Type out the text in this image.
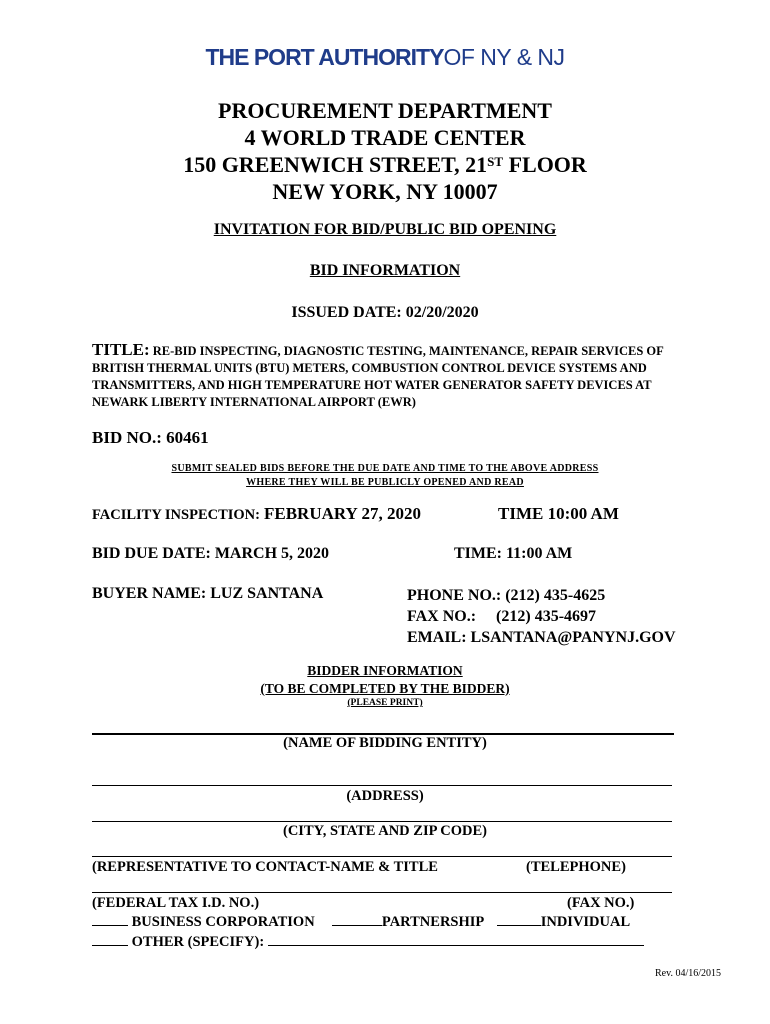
THE PORT AUTHORITYOF NY & NJ
PROCUREMENT DEPARTMENT
4 WORLD TRADE CENTER
150 GREENWICH STREET, 21ST FLOOR
NEW YORK, NY 10007
INVITATION FOR BID/PUBLIC BID OPENING
BID INFORMATION
ISSUED DATE: 02/20/2020
TITLE: RE-BID INSPECTING, DIAGNOSTIC TESTING, MAINTENANCE, REPAIR SERVICES OF
BRITISH THERMAL UNITS (BTU) METERS, COMBUSTION CONTROL DEVICE SYSTEMS AND
TRANSMITTERS, AND HIGH TEMPERATURE HOT WATER GENERATOR SAFETY DEVICES AT
NEWARK LIBERTY INTERNATIONAL AIRPORT (EWR)
BID NO.: 60461
SUBMIT SEALED BIDS BEFORE THE DUE DATE AND TIME TO THE ABOVE ADDRESS
WHERE THEY WILL BE PUBLICLY OPENED AND READ
FACILITY INSPECTION: FEBRUARY 27, 2020	TIME 10:00 AM
BID DUE DATE: MARCH 5, 2020	TIME: 11:00 AM
BUYER NAME: LUZ SANTANA	PHONE NO.: (212) 435-4625
FAX NO.: (212) 435-4697
EMAIL: LSANTANA@PANYNJ.GOV
BIDDER INFORMATION
(TO BE COMPLETED BY THE BIDDER)
(PLEASE PRINT)
(NAME OF BIDDING ENTITY)
(ADDRESS)
(CITY, STATE AND ZIP CODE)
(REPRESENTATIVE TO CONTACT-NAME & TITLE	(TELEPHONE)
(FEDERAL TAX I.D. NO.)	(FAX NO.)
BUSINESS CORPORATION	PARTNERSHIP	INDIVIDUAL
OTHER (SPECIFY):
Rev. 04/16/2015
